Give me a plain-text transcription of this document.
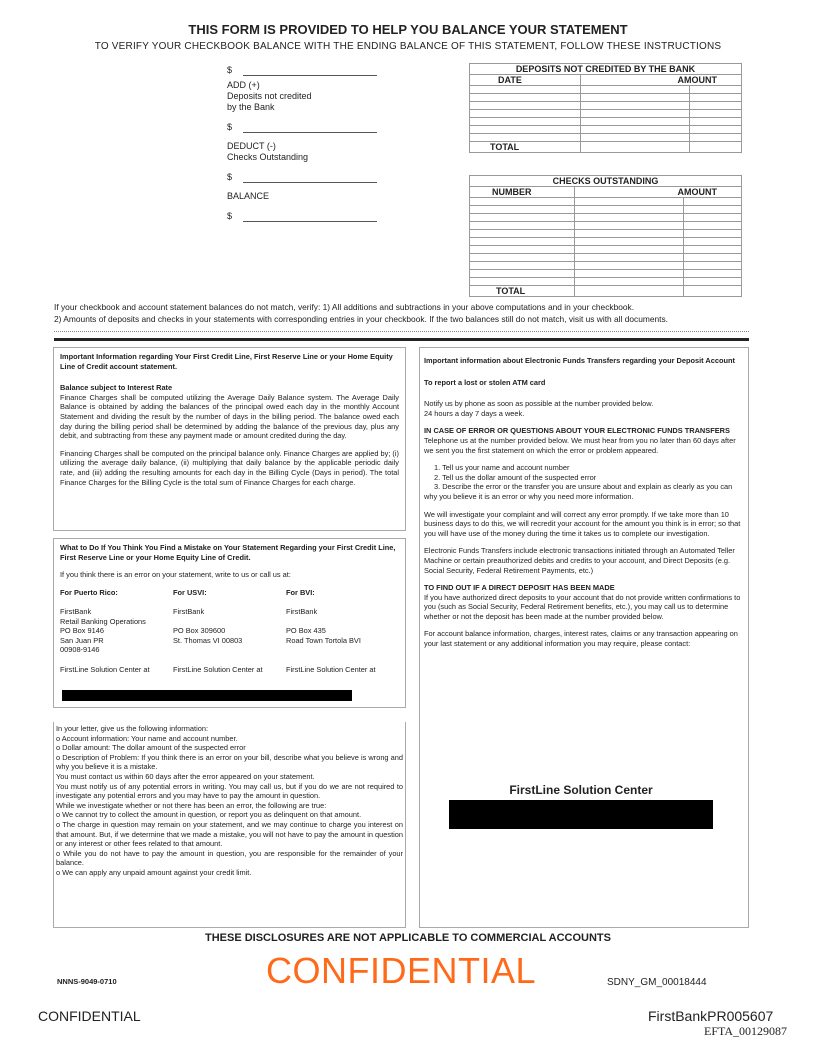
THIS FORM IS PROVIDED TO HELP YOU BALANCE YOUR STATEMENT
TO VERIFY YOUR CHECKBOOK BALANCE WITH THE ENDING BALANCE OF THIS STATEMENT, FOLLOW THESE INSTRUCTIONS
$
ADD (+)
Deposits not credited
by the Bank
$
DEDUCT (-)
Checks Outstanding
$
BALANCE
$
DEPOSITS NOT CREDITED BY THE BANK		
DATE	AMOUNT	

TOTAL		
CHECKS OUTSTANDING		
NUMBER	AMOUNT	

TOTAL		
If your checkbook and account statement balances do not match, verify: 1) All additions and subtractions in your above computations and in your checkbook.
2) Amounts of deposits and checks in your statements with corresponding entries in your checkbook. If the two balances still do not match, visit us with all documents.

Important Information regarding Your First Credit Line, First Reserve Line or your Home Equity Line of Credit account statement.

Balance subject to Interest Rate

Finance Charges shall be computed utilizing the Average Daily Balance system. The Average Daily Balance is obtained by adding the balances of the principal owed each day in the monthly Account Statement and dividing the result by the number of days in the billing period. The balance owed each day during the billing period shall be determined by adding the balance of the previous day, plus any debit, and subtracting from these any payment made or amount credited during the day.

Financing Charges shall be computed on the principal balance only. Finance Charges are applied by; (i) utilizing the average daily balance, (ii) multiplying that daily balance by the applicable periodic daily rate, and (iii) adding the resulting amounts for each day in the Billing Cycle (Days in period). The total Finance Charges for the Billing Cycle is the total sum of Finance Charges for each charge.

What to Do If You Think You Find a Mistake on Your Statement Regarding your First Credit Line, First Reserve Line or your Home Equity Line of Credit.

If you think there is an error on your statement, write to us or call us at:

For Puerto Rico:

FirstBank
Retail Banking Operations
PO Box 9146
San Juan PR
00908-9146

FirstLine Solution Center at
For USVI:

FirstBank

PO Box 309600
St. Thomas VI 00803

FirstLine Solution Center at
For BVI:

FirstBank

PO Box 435
Road Town Tortola BVI

FirstLine Solution Center at
In your letter, give us the following information:
o Account information: Your name and account number.
o Dollar amount: The dollar amount of the suspected error
o Description of Problem: If you think there is an error on your bill, describe what you believe is wrong and why you believe it is a mistake.
You must contact us within 60 days after the error appeared on your statement.
You must notify us of any potential errors in writing. You may call us, but if you do we are not required to investigate any potential errors and you may have to pay the amount in question.
While we investigate whether or not there has been an error, the following are true:
o We cannot try to collect the amount in question, or report you as delinquent on that amount.
o The charge in question may remain on your statement, and we may continue to charge you interest on that amount. But, if we determine that we made a mistake, you will not have to pay the amount in question or any interest or other fees related to that amount.
o While you do not have to pay the amount in question, you are responsible for the remainder of your balance.
o We can apply any unpaid amount against your credit limit.

Important information about Electronic Funds Transfers regarding your Deposit Account

To report a lost or stolen ATM card

Notify us by phone as soon as possible at the number provided below.

24 hours a day 7 days a week.

IN CASE OF ERROR OR QUESTIONS ABOUT YOUR ELECTRONIC FUNDS TRANSFERS

Telephone us at the number provided below. We must hear from you no later than 60 days after we sent you the first statement on which the error or problem appeared.

1. Tell us your name and account number
2. Tell us the dollar amount of the suspected error

3. Describe the error or the transfer you are unsure about and explain as clearly as you can why you believe it is an error or why you need more information.

We will investigate your complaint and will correct any error promptly. If we take more than 10 business days to do this, we will recredit your account for the amount you think is in error; so that you will have use of the money during the time it takes us to complete our investigation.

Electronic Funds Transfers include electronic transactions initiated through an Automated Teller Machine or certain preauthorized debits and credits to your account, and Direct Deposits (e.g. Social Security, Federal Retirement Payments, etc.)

TO FIND OUT IF A DIRECT DEPOSIT HAS BEEN MADE

If you have authorized direct deposits to your account that do not provide written confirmations to you (such as Social Security, Federal Retirement benefits, etc.), you may call us to determine whether or not the deposit has been made at the number provided below.

For account balance information, charges, interest rates, claims or any transaction appearing on your last statement or any additional information you may require, please contact:

FirstLine Solution Center
THESE DISCLOSURES ARE NOT APPLICABLE TO COMMERCIAL ACCOUNTS
NNNS-9049-0710	CONFIDENTIAL	SDNY_GM_00018444
CONFIDENTIAL	FirstBankPR005607
EFTA_00129087
